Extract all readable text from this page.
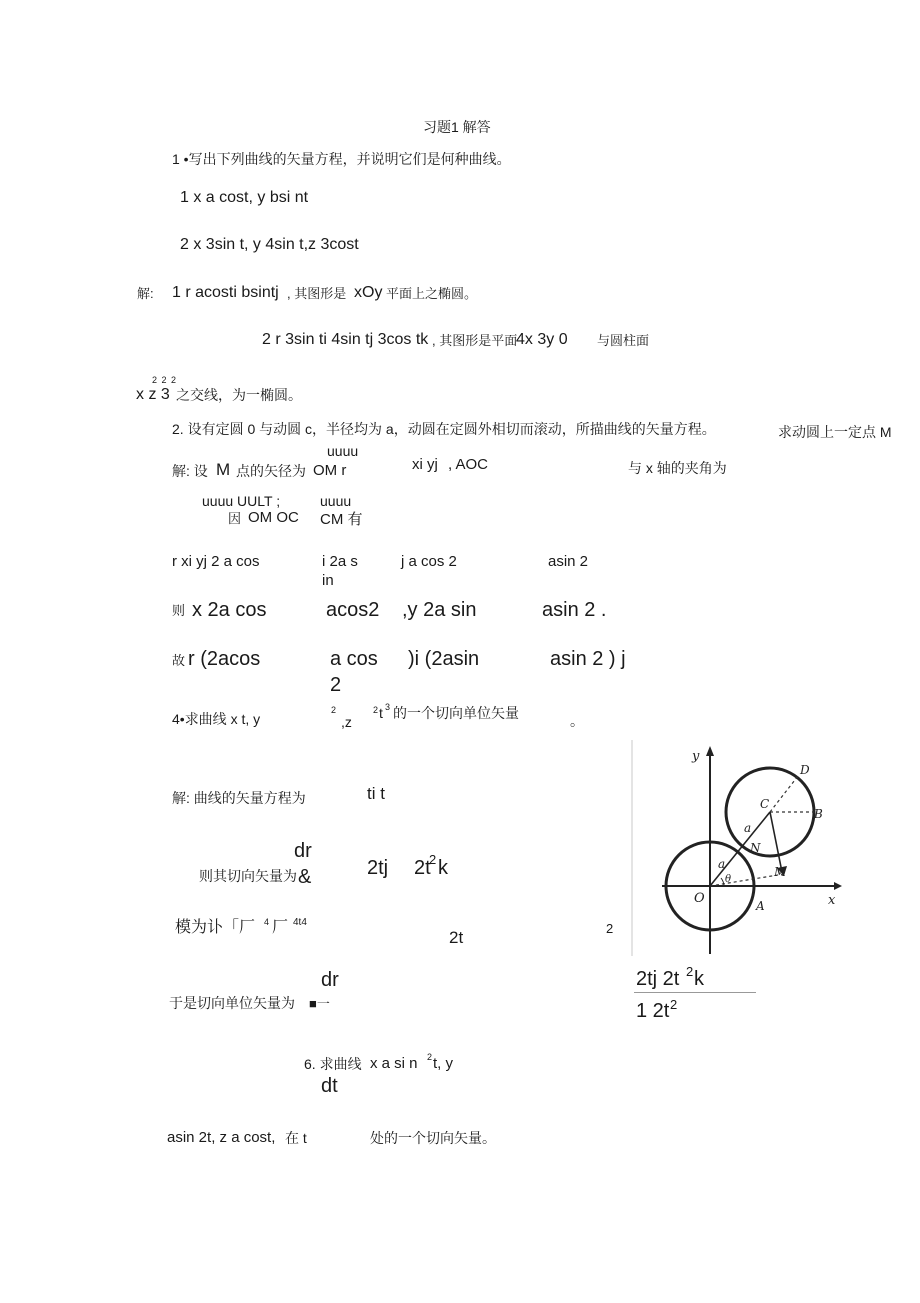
习题1 解答
1 •写出下列曲线的矢量方程，并说明它们是何种曲线。
1 x a cost, y bsi nt
2 x 3sin t, y 4sin t,z 3cost
解: 1 r acosti bsintj , 其图形是 xOy 平面上之椭圆。
2 r 3sin ti 4sin tj 3cos tk , 其图形是平面
4x 3y 0 与圆柱面
2 2 2
x z 3 之交线，为一椭圆。
2. 设有定圆 0 与动圆 c，半径均为 a，动圆在定圆外相切而滚动，所描曲线的矢量方程。	求动圆上一定点 M
uuuu
解: 设 M 点的矢径为 OM r	xi yj , AOC	与 x 轴的夹角为
uuuu UULT ;	uuuu
因 OM OC CM 有
r xi yj 2 a cos	i 2a s
in
j a cos 2	asin 2
则 x 2a cos	acos2 ,y 2a sin	asin 2 .
故 r (2acos	a cos
2
)i (2asin	asin 2 ) j
4•求曲线 x t, y
2
,z
2 t 3 的一个切向单位矢量	。
解: 曲线的矢量方程为	ti t
dr
则其切向矢量为 &	2tj 2t
2 k
模为讣「厂 4 厂 4t4
2t	2
dr
于是切向单位矢量为 ■一
2tj 2t 2 k
1 2t 2
6. 求曲线 x a si n 2 t, y
dt
asin 2t, z a cost, 在 t	处的一个切向矢量。
y
x
O	A
B
C
D
N
M
a
a
θ
